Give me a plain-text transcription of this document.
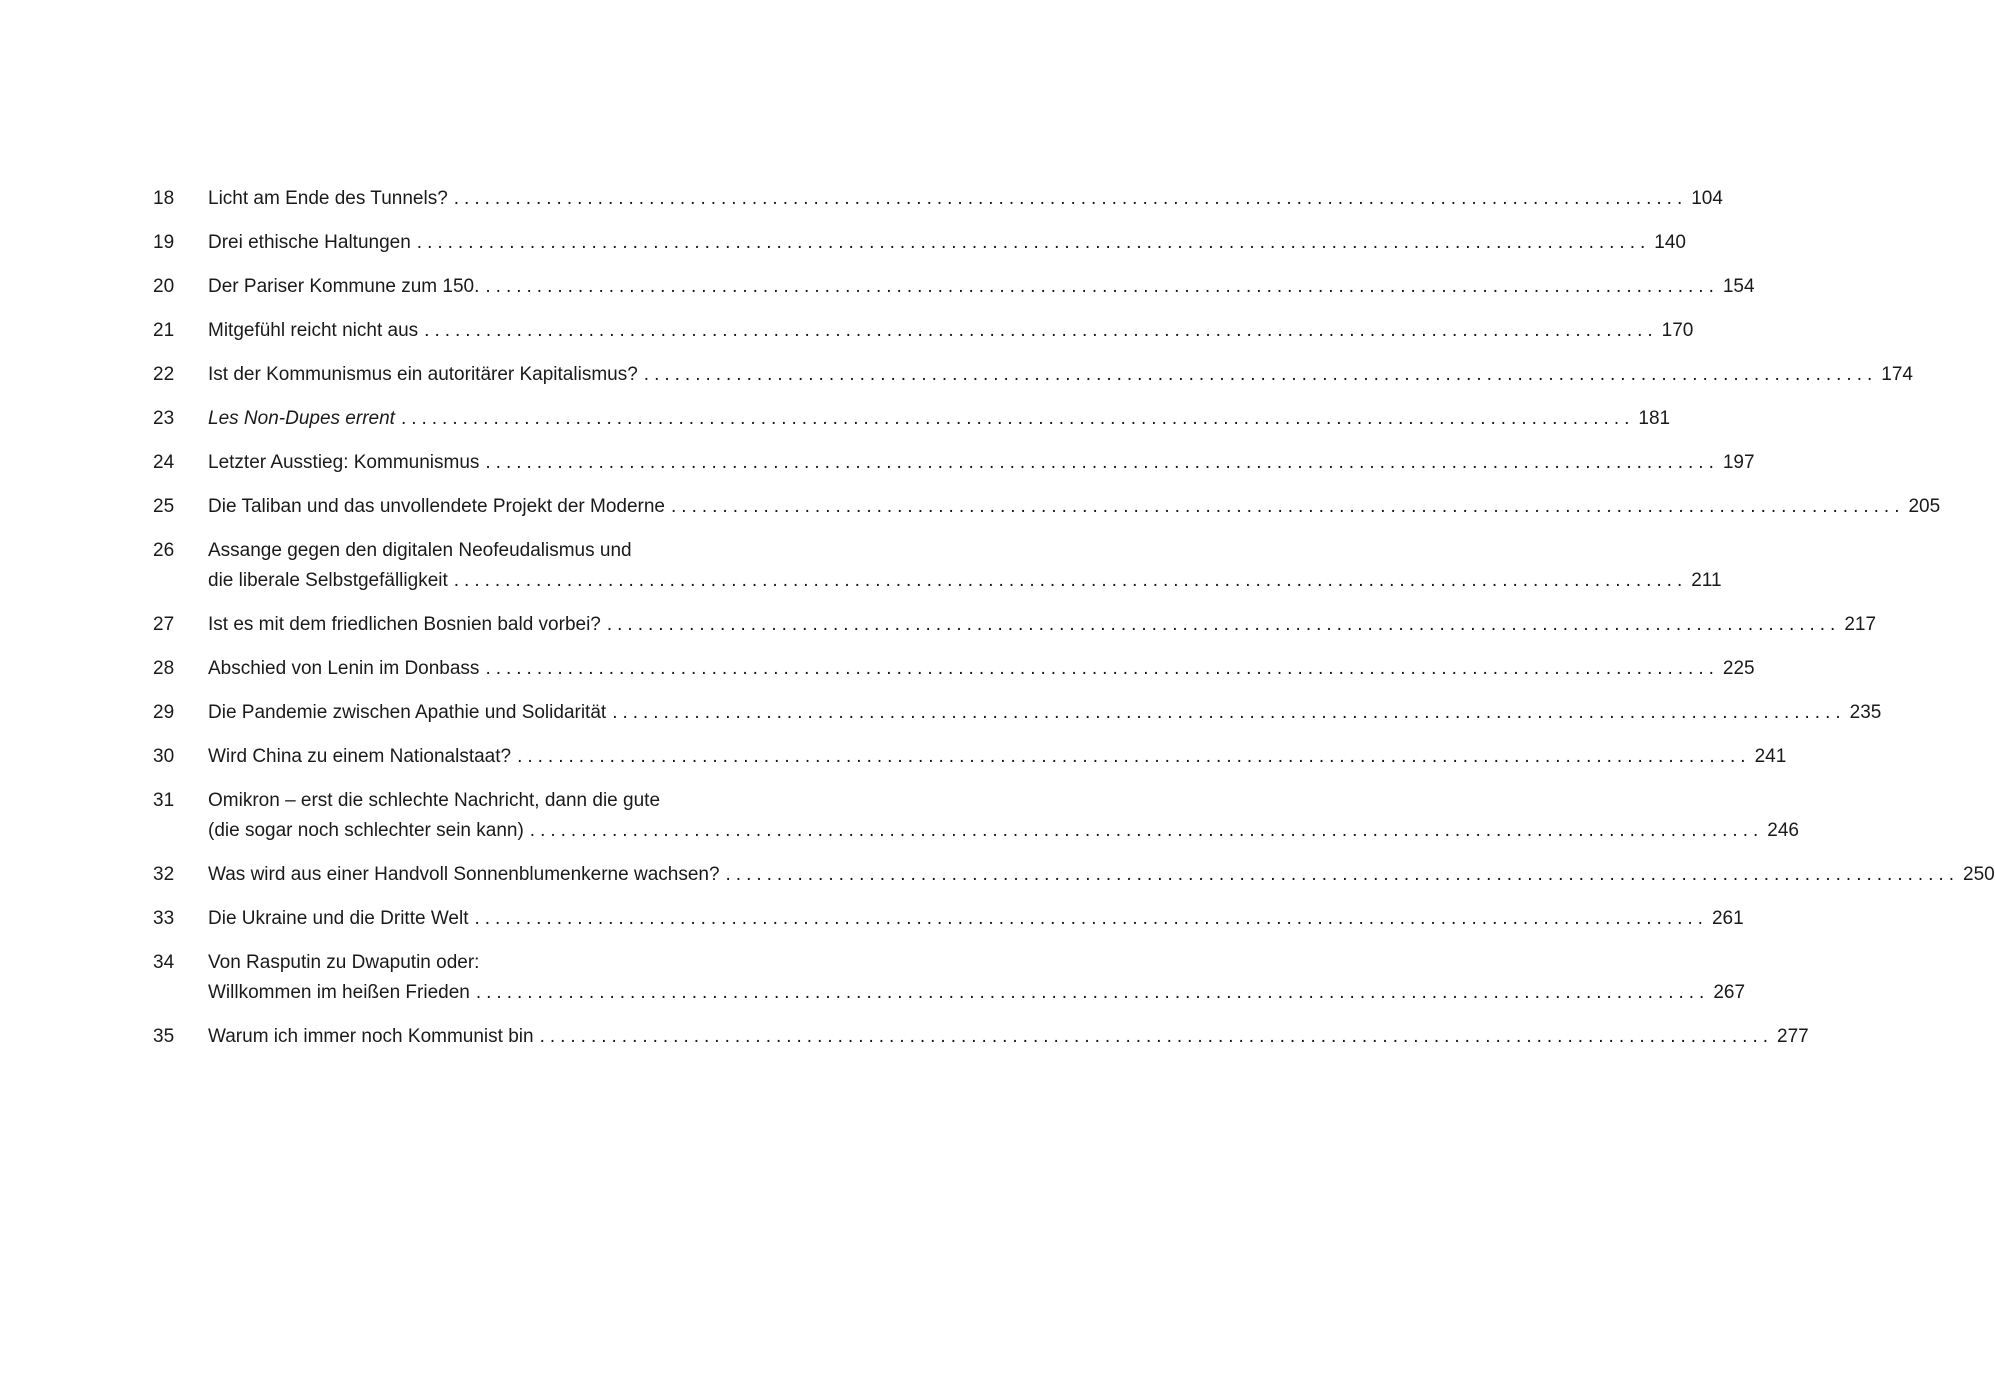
18	Licht am Ende des Tunnels? ........................................................................................................................ 104
19	Drei ethische Haltungen ........................................................................................................................ 140
20	Der Pariser Kommune zum 150. ........................................................................................................................ 154
21	Mitgefühl reicht nicht aus ........................................................................................................................ 170
22	Ist der Kommunismus ein autoritärer Kapitalismus? ........................................................................................................................ 174
23	Les Non-Dupes errent ........................................................................................................................ 181
24	Letzter Ausstieg: Kommunismus ........................................................................................................................ 197
25	Die Taliban und das unvollendete Projekt der Moderne ........................................................................................................................ 205
26	Assange gegen den digitalen Neofeudalismus und
die liberale Selbstgefälligkeit ........................................................................................................................ 211
27	Ist es mit dem friedlichen Bosnien bald vorbei? ........................................................................................................................ 217
28	Abschied von Lenin im Donbass ........................................................................................................................ 225
29	Die Pandemie zwischen Apathie und Solidarität ........................................................................................................................ 235
30	Wird China zu einem Nationalstaat? ........................................................................................................................ 241
31	Omikron – erst die schlechte Nachricht, dann die gute
(die sogar noch schlechter sein kann) ........................................................................................................................ 246
32	Was wird aus einer Handvoll Sonnenblumenkerne wachsen? ........................................................................................................................ 250
33	Die Ukraine und die Dritte Welt ........................................................................................................................ 261
34	Von Rasputin zu Dwaputin oder:
Willkommen im heißen Frieden ........................................................................................................................ 267
35	Warum ich immer noch Kommunist bin ........................................................................................................................ 277
